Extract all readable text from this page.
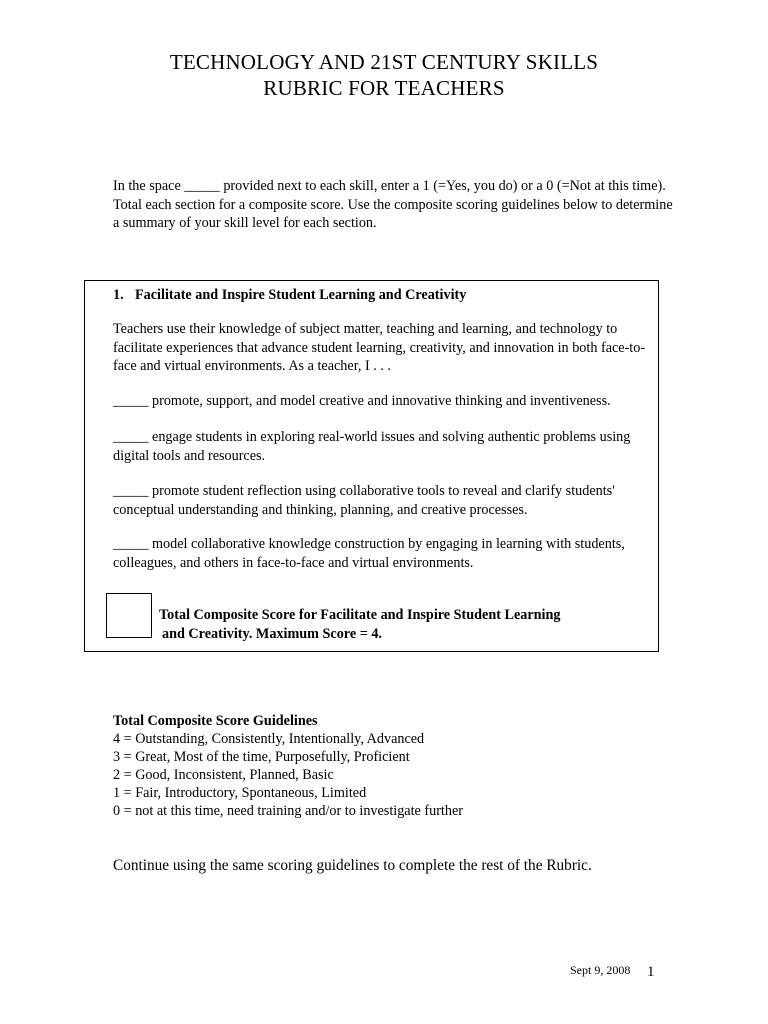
TECHNOLOGY AND 21ST CENTURY SKILLS
RUBRIC FOR TEACHERS
In the space _____ provided next to each skill, enter a 1 (=Yes, you do) or a 0 (=Not at this time). Total each section for a composite score. Use the composite scoring guidelines below to determine a summary of your skill level for each section.
1. Facilitate and Inspire Student Learning and Creativity
Teachers use their knowledge of subject matter, teaching and learning, and technology to facilitate experiences that advance student learning, creativity, and innovation in both face-to-face and virtual environments. As a teacher, I . . .
_____ promote, support, and model creative and innovative thinking and inventiveness.
_____ engage students in exploring real-world issues and solving authentic problems using digital tools and resources.
_____ promote student reflection using collaborative tools to reveal and clarify students' conceptual understanding and thinking, planning, and creative processes.
_____ model collaborative knowledge construction by engaging in learning with students, colleagues, and others in face-to-face and virtual environments.
Total Composite Score for Facilitate and Inspire Student Learning
and Creativity. Maximum Score = 4.
Total Composite Score Guidelines
4 = Outstanding, Consistently, Intentionally, Advanced
3 = Great, Most of the time, Purposefully, Proficient
2 = Good, Inconsistent, Planned, Basic
1 = Fair, Introductory, Spontaneous, Limited
0 = not at this time, need training and/or to investigate further
Continue using the same scoring guidelines to complete the rest of the Rubric.
Sept 9, 2008 1
